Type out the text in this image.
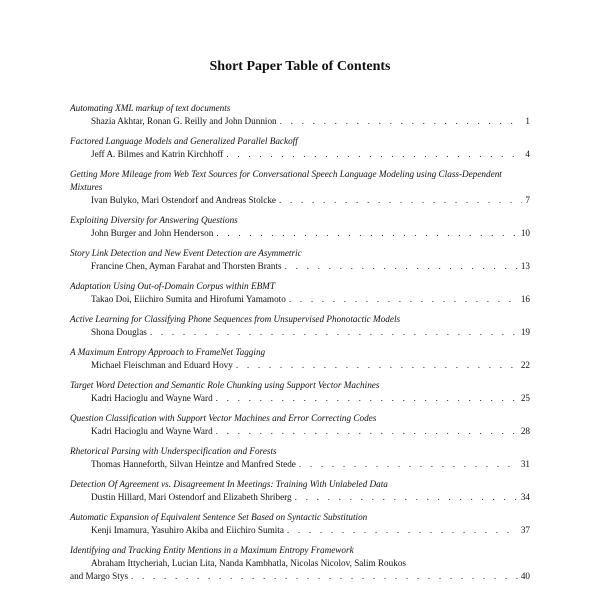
Short Paper Table of Contents
Automating XML markup of text documents
Shazia Akhtar, Ronan G. Reilly and John Dunnion . . .	1
Factored Language Models and Generalized Parallel Backoff
Jeff A. Bilmes and Katrin Kirchhoff . . .	4
Getting More Mileage from Web Text Sources for Conversational Speech Language Modeling using Class-Dependent Mixtures
Ivan Bulyko, Mari Ostendorf and Andreas Stolcke . . .	7
Exploiting Diversity for Answering Questions
John Burger and John Henderson . . .	10
Story Link Detection and New Event Detection are Asymmetric
Francine Chen, Ayman Farahat and Thorsten Brants . . .	13
Adaptation Using Out-of-Domain Corpus within EBMT
Takao Doi, Eiichiro Sumita and Hirofumi Yamamoto . . .	16
Active Learning for Classifying Phone Sequences from Unsupervised Phonotactic Models
Shona Douglas . . .	19
A Maximum Entropy Approach to FrameNet Tagging
Michael Fleischman and Eduard Hovy . . .	22
Target Word Detection and Semantic Role Chunking using Support Vector Machines
Kadri Hacioglu and Wayne Ward . . .	25
Question Classification with Support Vector Machines and Error Correcting Codes
Kadri Hacioglu and Wayne Ward . . .	28
Rhetorical Parsing with Underspecification and Forests
Thomas Hanneforth, Silvan Heintze and Manfred Stede . . .	31
Detection Of Agreement vs. Disagreement In Meetings: Training With Unlabeled Data
Dustin Hillard, Mari Ostendorf and Elizabeth Shriberg . . .	34
Automatic Expansion of Equivalent Sentence Set Based on Syntactic Substitution
Kenji Imamura, Yasuhiro Akiba and Eiichiro Sumita . . .	37
Identifying and Tracking Entity Mentions in a Maximum Entropy Framework
Abraham Ittycheriah, Lucian Lita, Nanda Kambhatla, Nicolas Nicolov, Salim Roukos
and Margo Stys . . .	40
